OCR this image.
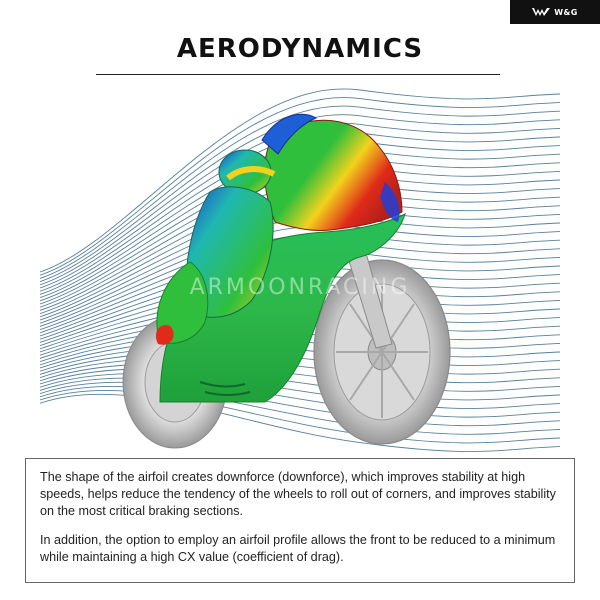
W&G
AERODYNAMICS
ARMOONRACING

The shape of the airfoil creates downforce (downforce), which improves stability at high speeds, helps reduce the tendency of the wheels to roll out of corners, and improves stability on the most critical braking sections.

In addition, the option to employ an airfoil profile allows the front to be reduced to a minimum while maintaining a high CX value (coefficient of drag).
